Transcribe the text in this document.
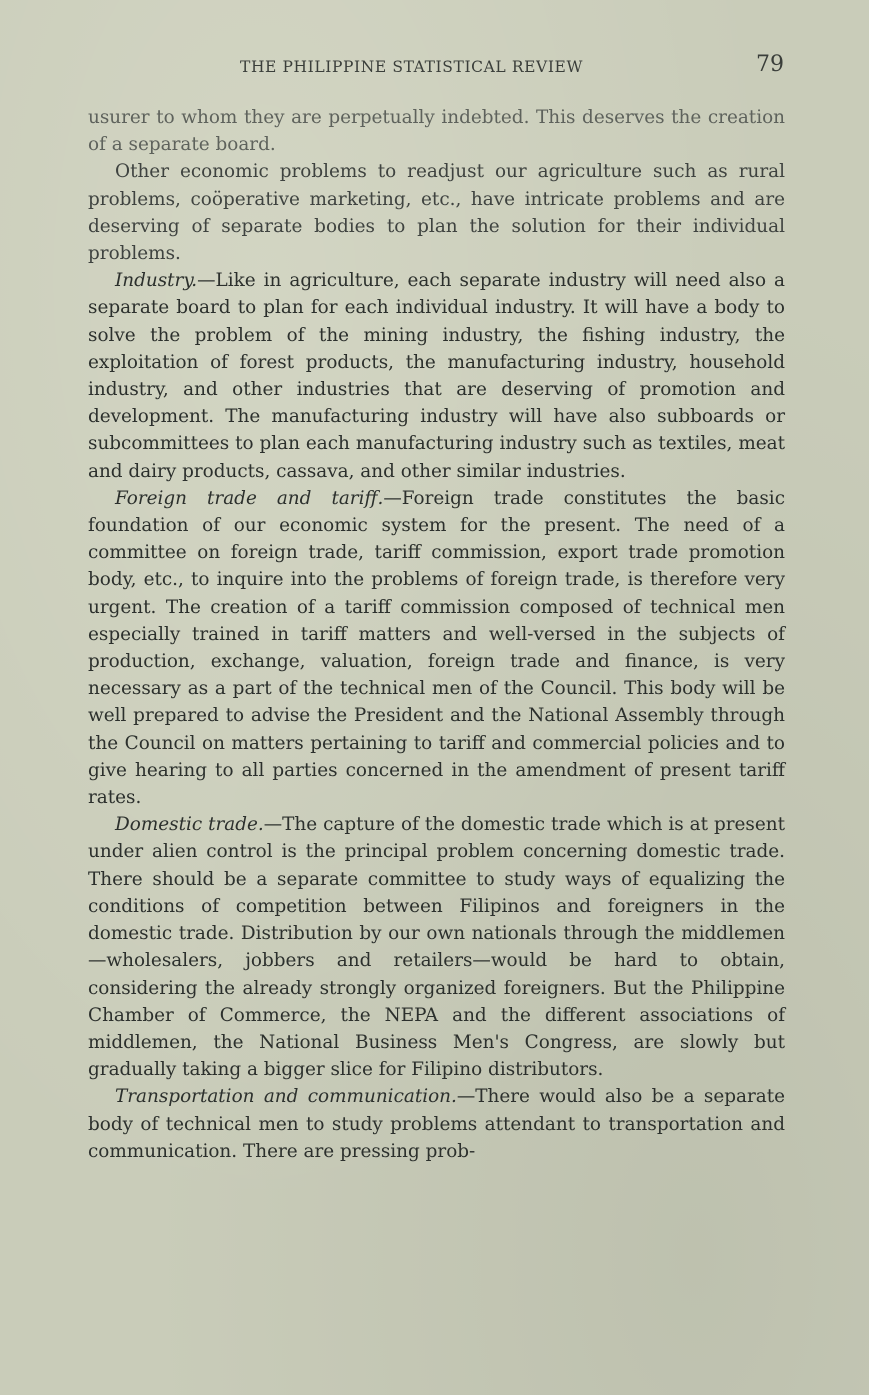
THE PHILIPPINE STATISTICAL REVIEW	79

usurer to whom they are perpetually indebted. This deserves the creation of a separate board.

Other economic problems to readjust our agriculture such as rural problems, coöperative marketing, etc., have intricate problems and are deserving of separate bodies to plan the solution for their individual problems.

Industry.—Like in agriculture, each separate industry will need also a separate board to plan for each individual industry. It will have a body to solve the problem of the mining industry, the fishing industry, the exploitation of forest products, the manufacturing industry, household industry, and other industries that are deserving of promotion and development. The manufacturing industry will have also subboards or subcommittees to plan each manufacturing industry such as textiles, meat and dairy products, cassava, and other similar industries.

Foreign trade and tariff.—Foreign trade constitutes the basic foundation of our economic system for the present. The need of a committee on foreign trade, tariff commission, export trade promotion body, etc., to inquire into the problems of foreign trade, is therefore very urgent. The creation of a tariff commission composed of technical men especially trained in tariff matters and well-versed in the subjects of production, exchange, valuation, foreign trade and finance, is very necessary as a part of the technical men of the Council. This body will be well prepared to advise the President and the National Assembly through the Council on matters pertaining to tariff and commercial policies and to give hearing to all parties concerned in the amendment of present tariff rates.

Domestic trade.—The capture of the domestic trade which is at present under alien control is the principal problem concerning domestic trade. There should be a separate committee to study ways of equalizing the conditions of competition between Filipinos and foreigners in the domestic trade. Distribution by our own nationals through the middlemen—wholesalers, jobbers and retailers—would be hard to obtain, considering the already strongly organized foreigners. But the Philippine Chamber of Commerce, the NEPA and the different associations of middlemen, the National Business Men's Congress, are slowly but gradually taking a bigger slice for Filipino distributors.

Transportation and communication.—There would also be a separate body of technical men to study problems attendant to transportation and communication. There are pressing prob-
